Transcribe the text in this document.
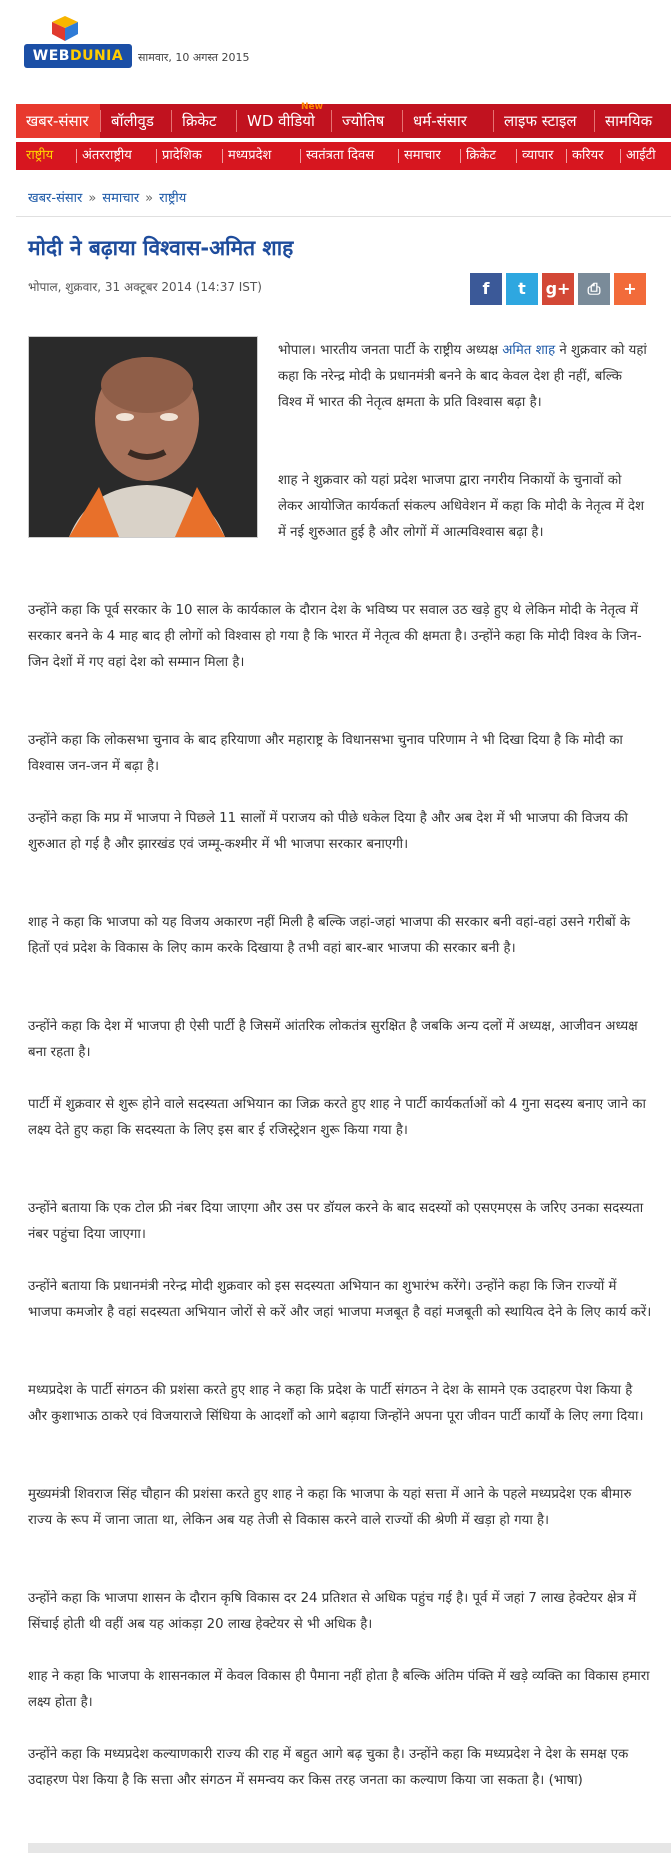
WEBDUNIA	सामवार, 10 अगस्त 2015
खबर-संसार	बॉलीवुड	क्रिकेट	WD वीडियो	ज्योतिष	धर्म-संसार	लाइफ स्टाइल	सामयिक
New
राष्ट्रीय अंतरराष्ट्रीय प्रादेशिक मध्यप्रदेश	स्वतंत्रता दिवस समाचार क्रिकेट व्यापार करियर आईटी
खबर-संसार » समाचार » राष्ट्रीय
मोदी ने बढ़ाया विश्वास-अमित शाह
भोपाल, शुक्रवार, 31 अक्टूबर 2014 (14:37 IST)	f	t	g+	⎙	+

भोपाल। भारतीय जनता पार्टी के राष्ट्रीय अध्यक्ष अमित शाह ने शुक्रवार को यहां कहा कि नरेन्द्र मोदी के प्रधानमंत्री बनने के बाद केवल देश ही नहीं, बल्कि विश्व में भारत की नेतृत्व क्षमता के प्रति विश्वास बढ़ा है।

शाह ने शुक्रवार को यहां प्रदेश भाजपा द्वारा नगरीय निकायों के चुनावों को लेकर आयोजित कार्यकर्ता संकल्प अधिवेशन में कहा कि मोदी के नेतृत्व में देश में नई शुरुआत हुई है और लोगों में आत्मविश्वास बढ़ा है।

उन्होंने कहा कि पूर्व सरकार के 10 साल के कार्यकाल के दौरान देश के भविष्य पर सवाल उठ खड़े हुए थे लेकिन मोदी के नेतृत्व में सरकार बनने के 4 माह बाद ही लोगों को विश्वास हो गया है कि भारत में नेतृत्व की क्षमता है। उन्होंने कहा कि मोदी विश्व के जिन-जिन देशों में गए वहां देश को सम्मान मिला है।

उन्होंने कहा कि लोकसभा चुनाव के बाद हरियाणा और महाराष्ट्र के विधानसभा चुनाव परिणाम ने भी दिखा दिया है कि मोदी का विश्वास जन-जन में बढ़ा है।

उन्होंने कहा कि मप्र में भाजपा ने पिछले 11 सालों में पराजय को पीछे धकेल दिया है और अब देश में भी भाजपा की विजय की शुरुआत हो गई है और झारखंड एवं जम्मू-कश्मीर में भी भाजपा सरकार बनाएगी।

शाह ने कहा कि भाजपा को यह विजय अकारण नहीं मिली है बल्कि जहां-जहां भाजपा की सरकार बनी वहां-वहां उसने गरीबों के हितों एवं प्रदेश के विकास के लिए काम करके दिखाया है तभी वहां बार-बार भाजपा की सरकार बनी है।

उन्होंने कहा कि देश में भाजपा ही ऐसी पार्टी है जिसमें आंतरिक लोकतंत्र सुरक्षित है जबकि अन्य दलों में अध्यक्ष, आजीवन अध्यक्ष बना रहता है।

पार्टी में शुक्रवार से शुरू होने वाले सदस्यता अभियान का जिक्र करते हुए शाह ने पार्टी कार्यकर्ताओं को 4 गुना सदस्य बनाए जाने का लक्ष्य देते हुए कहा कि सदस्यता के लिए इस बार ई रजिस्ट्रेशन शुरू किया गया है।

उन्होंने बताया कि एक टोल फ्री नंबर दिया जाएगा और उस पर डॉयल करने के बाद सदस्यों को एसएमएस के जरिए उनका सदस्यता नंबर पहुंचा दिया जाएगा।

उन्होंने बताया कि प्रधानमंत्री नरेन्द्र मोदी शुक्रवार को इस सदस्यता अभियान का शुभारंभ करेंगे। उन्होंने कहा कि जिन राज्यों में भाजपा कमजोर है वहां सदस्यता अभियान जोरों से करें और जहां भाजपा मजबूत है वहां मजबूती को स्थायित्व देने के लिए कार्य करें।

मध्यप्रदेश के पार्टी संगठन की प्रशंसा करते हुए शाह ने कहा कि प्रदेश के पार्टी संगठन ने देश के सामने एक उदाहरण पेश किया है और कुशाभाऊ ठाकरे एवं विजयाराजे सिंधिया के आदर्शों को आगे बढ़ाया जिन्होंने अपना पूरा जीवन पार्टी कार्यों के लिए लगा दिया।

मुख्यमंत्री शिवराज सिंह चौहान की प्रशंसा करते हुए शाह ने कहा कि भाजपा के यहां सत्ता में आने के पहले मध्यप्रदेश एक बीमारु राज्य के रूप में जाना जाता था, लेकिन अब यह तेजी से विकास करने वाले राज्यों की श्रेणी में खड़ा हो गया है।

उन्होंने कहा कि भाजपा शासन के दौरान कृषि विकास दर 24 प्रतिशत से अधिक पहुंच गई है। पूर्व में जहां 7 लाख हेक्टेयर क्षेत्र में सिंचाई होती थी वहीं अब यह आंकड़ा 20 लाख हेक्टेयर से भी अधिक है।

शाह ने कहा कि भाजपा के शासनकाल में केवल विकास ही पैमाना नहीं होता है बल्कि अंतिम पंक्ति में खड़े व्यक्ति का विकास हमारा लक्ष्य होता है।

उन्होंने कहा कि मध्यप्रदेश कल्याणकारी राज्य की राह में बहुत आगे बढ़ चुका है। उन्होंने कहा कि मध्यप्रदेश ने देश के समक्ष एक उदाहरण पेश किया है कि सत्ता और संगठन में समन्वय कर किस तरह जनता का कल्याण किया जा सकता है। (भाषा)
